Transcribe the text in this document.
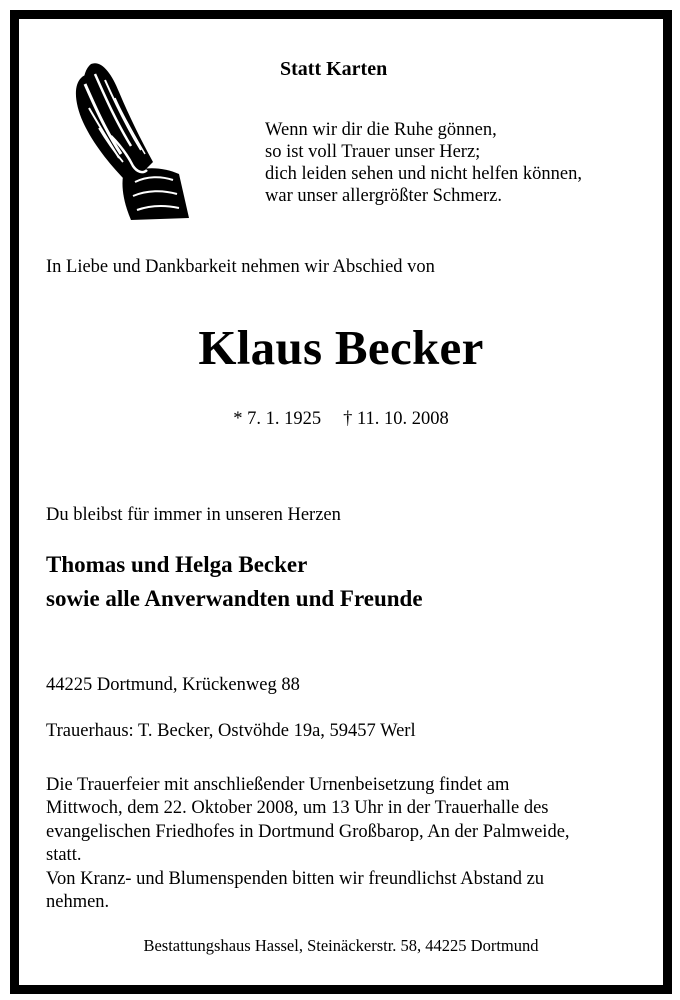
Statt Karten
Wenn wir dir die Ruhe gönnen,
so ist voll Trauer unser Herz;
dich leiden sehen und nicht helfen können,
war unser allergrößter Schmerz.
In Liebe und Dankbarkeit nehmen wir Abschied von
Klaus Becker
* 7. 1. 1925 † 11. 10. 2008
Du bleibst für immer in unseren Herzen
Thomas und Helga Becker
sowie alle Anverwandten und Freunde
44225 Dortmund, Krückenweg 88
Trauerhaus: T. Becker, Ostvöhde 19a, 59457 Werl
Die Trauerfeier mit anschließender Urnenbeisetzung findet am
Mittwoch, dem 22. Oktober 2008, um 13 Uhr in der Trauerhalle des
evangelischen Friedhofes in Dortmund Großbarop, An der Palmweide,
statt.
Von Kranz- und Blumenspenden bitten wir freundlichst Abstand zu
nehmen.
Bestattungshaus Hassel, Steinäckerstr. 58, 44225 Dortmund
